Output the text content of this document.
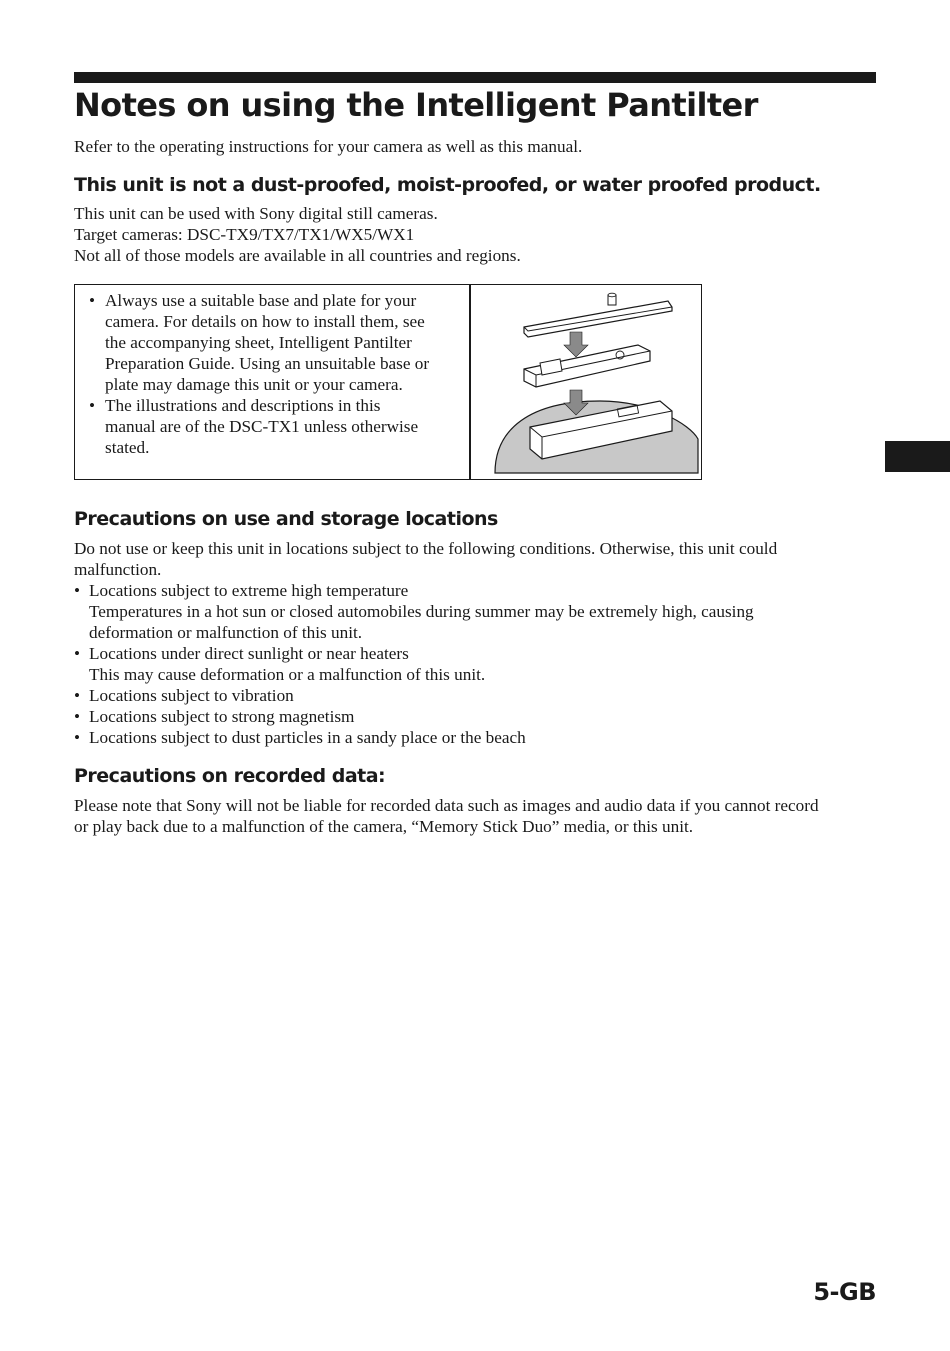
Notes on using the Intelligent Pantilter

Refer to the operating instructions for your camera as well as this manual.

This unit is not a dust-proofed, moist-proofed, or water proofed product.

This unit can be used with Sony digital still cameras.

Target cameras: DSC-TX9/TX7/TX1/WX5/WX1

Not all of those models are available in all countries and regions.

• Always use a suitable base and plate for your
camera. For details on how to install them, see
the accompanying sheet, Intelligent Pantilter
Preparation Guide. Using an unsuitable base or
plate may damage this unit or your camera.
• The illustrations and descriptions in this
manual are of the DSC-TX1 unless otherwise
stated.
Precautions on use and storage locations

Do not use or keep this unit in locations subject to the following conditions. Otherwise, this unit could

malfunction.

• Locations subject to extreme high temperature
Temperatures in a hot sun or closed automobiles during summer may be extremely high, causing
deformation or malfunction of this unit.
• Locations under direct sunlight or near heaters
This may cause deformation or a malfunction of this unit.
• Locations subject to vibration
• Locations subject to strong magnetism
• Locations subject to dust particles in a sandy place or the beach
Precautions on recorded data:

Please note that Sony will not be liable for recorded data such as images and audio data if you cannot record

or play back due to a malfunction of the camera, “Memory Stick Duo” media, or this unit.

5-GB
